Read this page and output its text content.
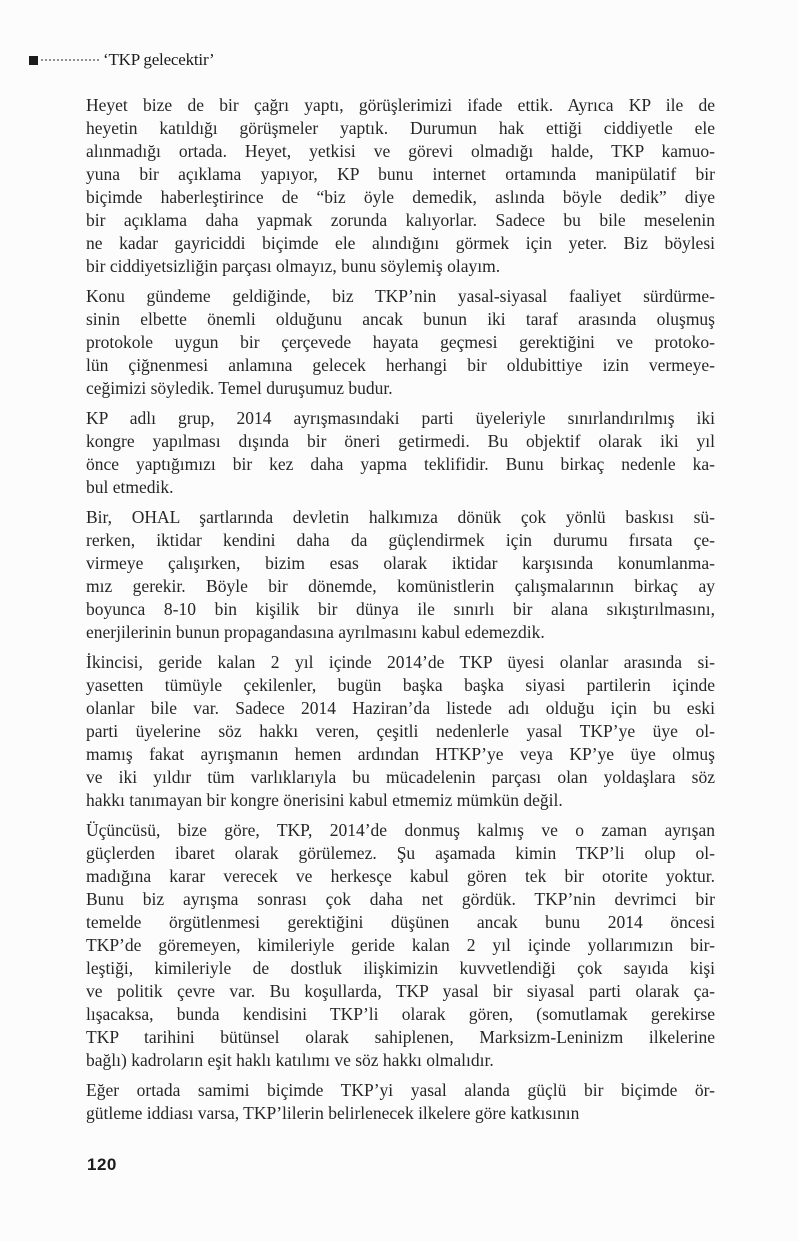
‘TKP gelecektir’

Heyet bize de bir çağrı yaptı, görüşlerimizi ifade ettik. Ayrıca KP ile de
heyetin katıldığı görüşmeler yaptık. Durumun hak ettiği ciddiyetle ele
alınmadığı ortada. Heyet, yetkisi ve görevi olmadığı halde, TKP kamuo-
yuna bir açıklama yapıyor, KP bunu internet ortamında manipülatif bir
biçimde haberleştirince de “biz öyle demedik, aslında böyle dedik” diye
bir açıklama daha yapmak zorunda kalıyorlar. Sadece bu bile meselenin
ne kadar gayriciddi biçimde ele alındığını görmek için yeter. Biz böylesi
bir ciddiyetsizliğin parçası olmayız, bunu söylemiş olayım.

Konu gündeme geldiğinde, biz TKP’nin yasal-siyasal faaliyet sürdürme-
sinin elbette önemli olduğunu ancak bunun iki taraf arasında oluşmuş
protokole uygun bir çerçevede hayata geçmesi gerektiğini ve protoko-
lün çiğnenmesi anlamına gelecek herhangi bir oldubittiye izin vermeye-
ceğimizi söyledik. Temel duruşumuz budur.

KP adlı grup, 2014 ayrışmasındaki parti üyeleriyle sınırlandırılmış iki
kongre yapılması dışında bir öneri getirmedi. Bu objektif olarak iki yıl
önce yaptığımızı bir kez daha yapma teklifidir. Bunu birkaç nedenle ka-
bul etmedik.

Bir, OHAL şartlarında devletin halkımıza dönük çok yönlü baskısı sü-
rerken, iktidar kendini daha da güçlendirmek için durumu fırsata çe-
virmeye çalışırken, bizim esas olarak iktidar karşısında konumlanma-
mız gerekir. Böyle bir dönemde, komünistlerin çalışmalarının birkaç ay
boyunca 8-10 bin kişilik bir dünya ile sınırlı bir alana sıkıştırılmasını,
enerjilerinin bunun propagandasına ayrılmasını kabul edemezdik.

İkincisi, geride kalan 2 yıl içinde 2014’de TKP üyesi olanlar arasında si-
yasetten tümüyle çekilenler, bugün başka başka siyasi partilerin içinde
olanlar bile var. Sadece 2014 Haziran’da listede adı olduğu için bu eski
parti üyelerine söz hakkı veren, çeşitli nedenlerle yasal TKP’ye üye ol-
mamış fakat ayrışmanın hemen ardından HTKP’ye veya KP’ye üye olmuş
ve iki yıldır tüm varlıklarıyla bu mücadelenin parçası olan yoldaşlara söz
hakkı tanımayan bir kongre önerisini kabul etmemiz mümkün değil.

Üçüncüsü, bize göre, TKP, 2014’de donmuş kalmış ve o zaman ayrışan
güçlerden ibaret olarak görülemez. Şu aşamada kimin TKP’li olup ol-
madığına karar verecek ve herkesçe kabul gören tek bir otorite yoktur.
Bunu biz ayrışma sonrası çok daha net gördük. TKP’nin devrimci bir
temelde örgütlenmesi gerektiğini düşünen ancak bunu 2014 öncesi
TKP’de göremeyen, kimileriyle geride kalan 2 yıl içinde yollarımızın bir-
leştiği, kimileriyle de dostluk ilişkimizin kuvvetlendiği çok sayıda kişi
ve politik çevre var. Bu koşullarda, TKP yasal bir siyasal parti olarak ça-
lışacaksa, bunda kendisini TKP’li olarak gören, (somutlamak gerekirse
TKP tarihini bütünsel olarak sahiplenen, Marksizm-Leninizm ilkelerine
bağlı) kadroların eşit haklı katılımı ve söz hakkı olmalıdır.

Eğer ortada samimi biçimde TKP’yi yasal alanda güçlü bir biçimde ör-
gütleme iddiası varsa, TKP’lilerin belirlenecek ilkelere göre katkısının

120
